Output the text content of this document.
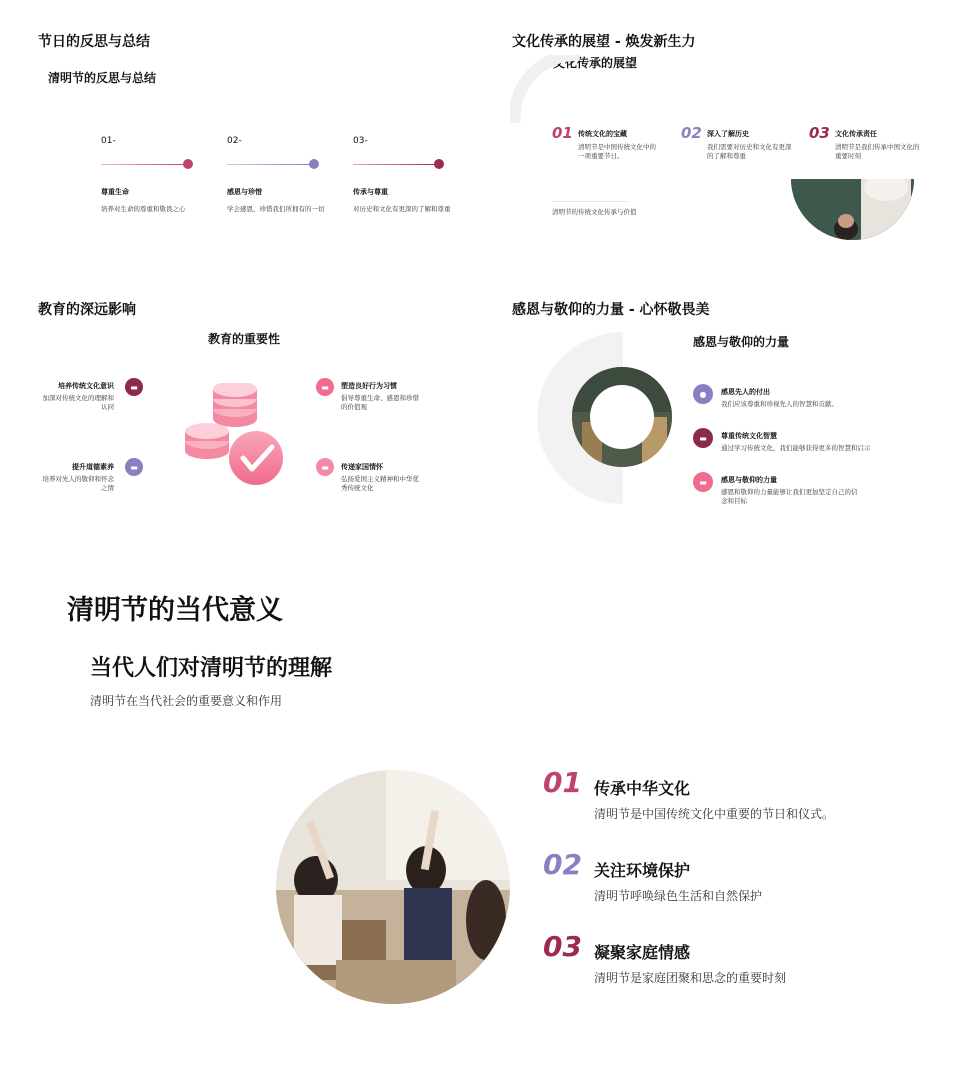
节日的反思与总结
清明节的反思与总结
01-
尊重生命
培养对生命的尊重和敬畏之心
02-
感恩与珍惜
学会感恩，珍惜我们所拥有的一切
03-
传承与尊重
对历史和文化有更深的了解和尊重
文化传承的展望 - 焕发新生力
文化传承的展望
01 传统文化的宝藏
清明节是中国传统文化中的一项重要节日。
02 深入了解历史
我们需要对历史和文化有更深的了解和尊重
03 文化传承责任
清明节是我们传承中国文化的重要时刻
清明节的传统文化传承与价值
教育的深远影响
教育的重要性
培养传统文化意识
加深对传统文化的理解和认同
▬
提升道德素养
培养对先人的敬仰和怀念之情
▬
▬	塑造良好行为习惯
倡导尊重生命、感恩和珍惜的价值观
▬	传递家国情怀
弘扬爱国主义精神和中华优秀传统文化
感恩与敬仰的力量 - 心怀敬畏美
感恩与敬仰的力量
●	感恩先人的付出
我们应该尊重和珍视先人的智慧和贡献。
▬	尊重传统文化智慧
通过学习传统文化，我们能够获得更多的智慧和启示
▬	感恩与敬仰的力量
感恩和敬仰的力量能够让我们更加坚定自己的信念和目标
清明节的当代意义
当代人们对清明节的理解
清明节在当代社会的重要意义和作用
01 传承中华文化
清明节是中国传统文化中重要的节日和仪式。
02 关注环境保护
清明节呼唤绿色生活和自然保护
03 凝聚家庭情感
清明节是家庭团聚和思念的重要时刻
